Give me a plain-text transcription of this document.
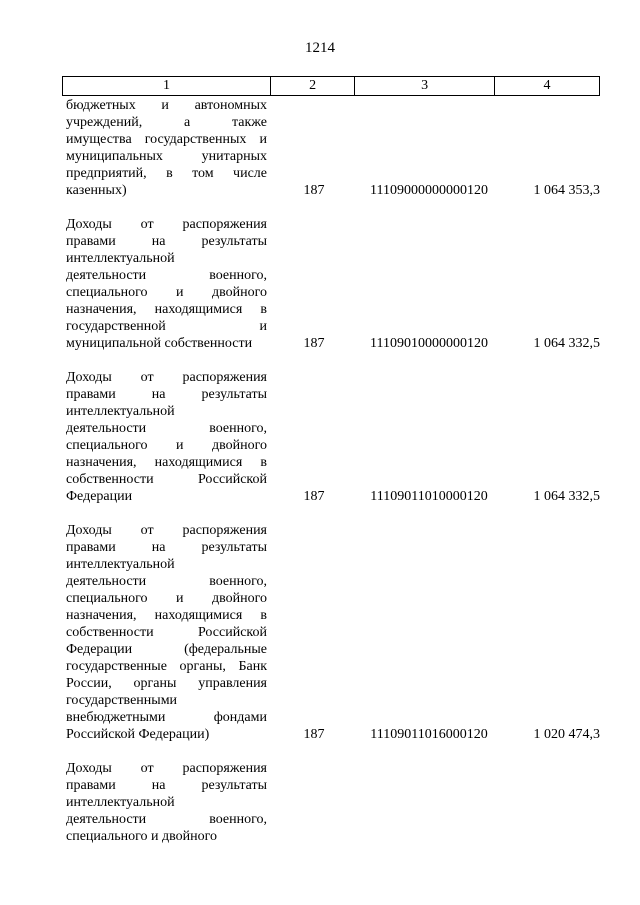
1214
1	2	3	4
бюджетных и автономных
учреждений, а также
имущества государственных и
муниципальных унитарных
предприятий, в том числе
казенных)	187	11109000000000120	1 064 353,3
Доходы от распоряжения
правами на результаты
интеллектуальной
деятельности военного,
специального и двойного
назначения, находящимися в
государственной и
муниципальной собственности	187	11109010000000120	1 064 332,5
Доходы от распоряжения
правами на результаты
интеллектуальной
деятельности военного,
специального и двойного
назначения, находящимися в
собственности Российской
Федерации	187	11109011010000120	1 064 332,5
Доходы от распоряжения
правами на результаты
интеллектуальной
деятельности военного,
специального и двойного
назначения, находящимися в
собственности Российской
Федерации (федеральные
государственные органы, Банк
России, органы управления
государственными
внебюджетными фондами
Российской Федерации)	187	11109011016000120	1 020 474,3
Доходы от распоряжения
правами на результаты
интеллектуальной
деятельности военного,
специального и двойного
